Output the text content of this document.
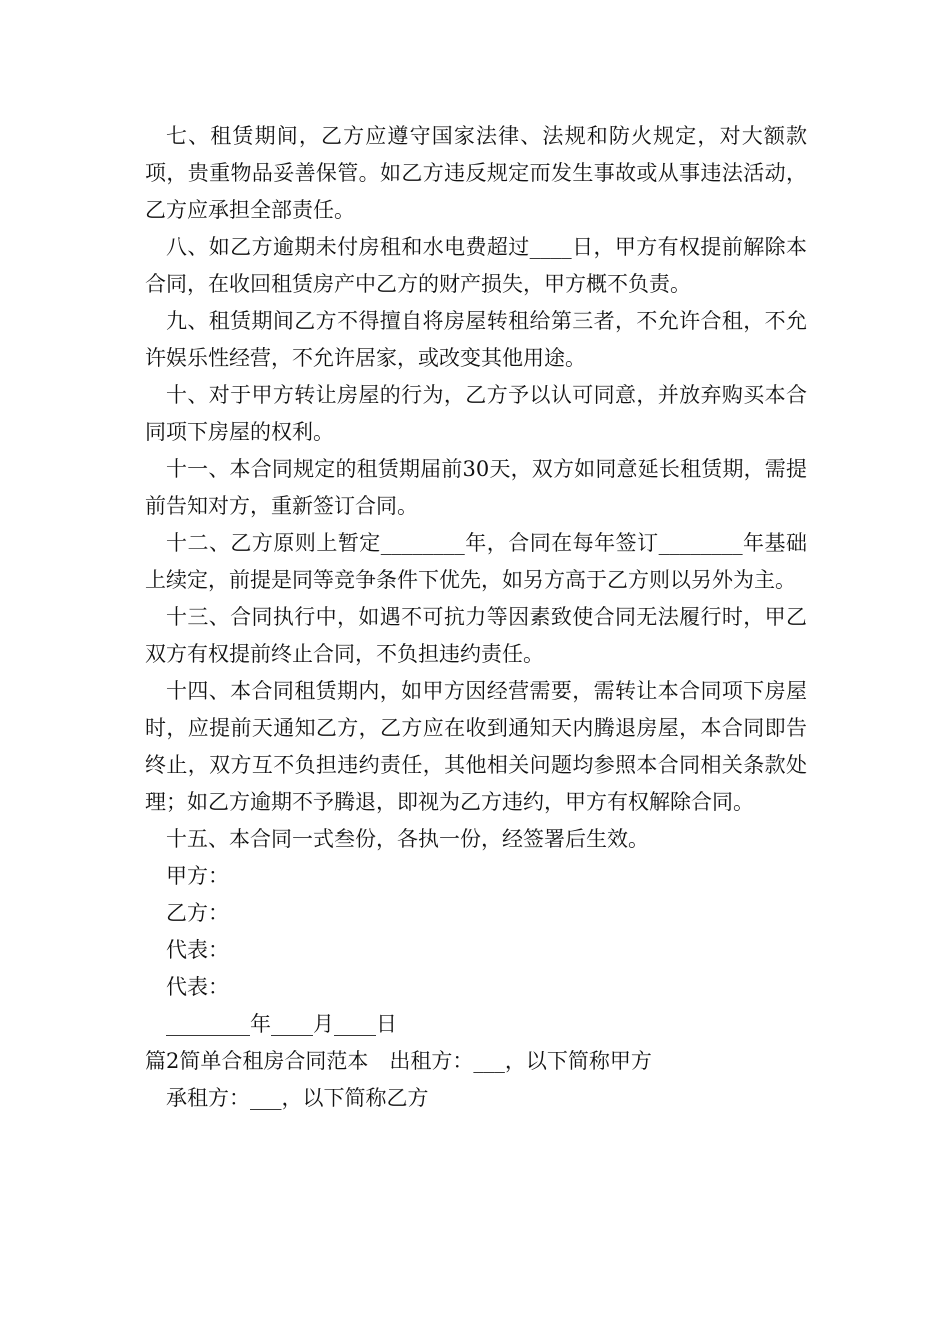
七、租赁期间，乙方应遵守国家法律、法规和防火规定，对大额款项，贵重物品妥善保管。如乙方违反规定而发生事故或从事违法活动，乙方应承担全部责任。

八、如乙方逾期未付房租和水电费超过____日，甲方有权提前解除本合同，在收回租赁房产中乙方的财产损失，甲方概不负责。

九、租赁期间乙方不得擅自将房屋转租给第三者，不允许合租，不允许娱乐性经营，不允许居家，或改变其他用途。

十、对于甲方转让房屋的行为，乙方予以认可同意，并放弃购买本合同项下房屋的权利。

十一、本合同规定的租赁期届前30天，双方如同意延长租赁期，需提前告知对方，重新签订合同。

十二、乙方原则上暂定________年，合同在每年签订________年基础上续定，前提是同等竞争条件下优先，如另方高于乙方则以另外为主。

十三、合同执行中，如遇不可抗力等因素致使合同无法履行时，甲乙双方有权提前终止合同，不负担违约责任。

十四、本合同租赁期内，如甲方因经营需要，需转让本合同项下房屋时，应提前天通知乙方，乙方应在收到通知天内腾退房屋，本合同即告终止，双方互不负担违约责任，其他相关问题均参照本合同相关条款处理；如乙方逾期不予腾退，即视为乙方违约，甲方有权解除合同。

十五、本合同一式叁份，各执一份，经签署后生效。

甲方：

乙方：

代表：

代表：

________年____月____日

篇2简单合租房合同范本　出租方：___，以下简称甲方

承租方：___，以下简称乙方
